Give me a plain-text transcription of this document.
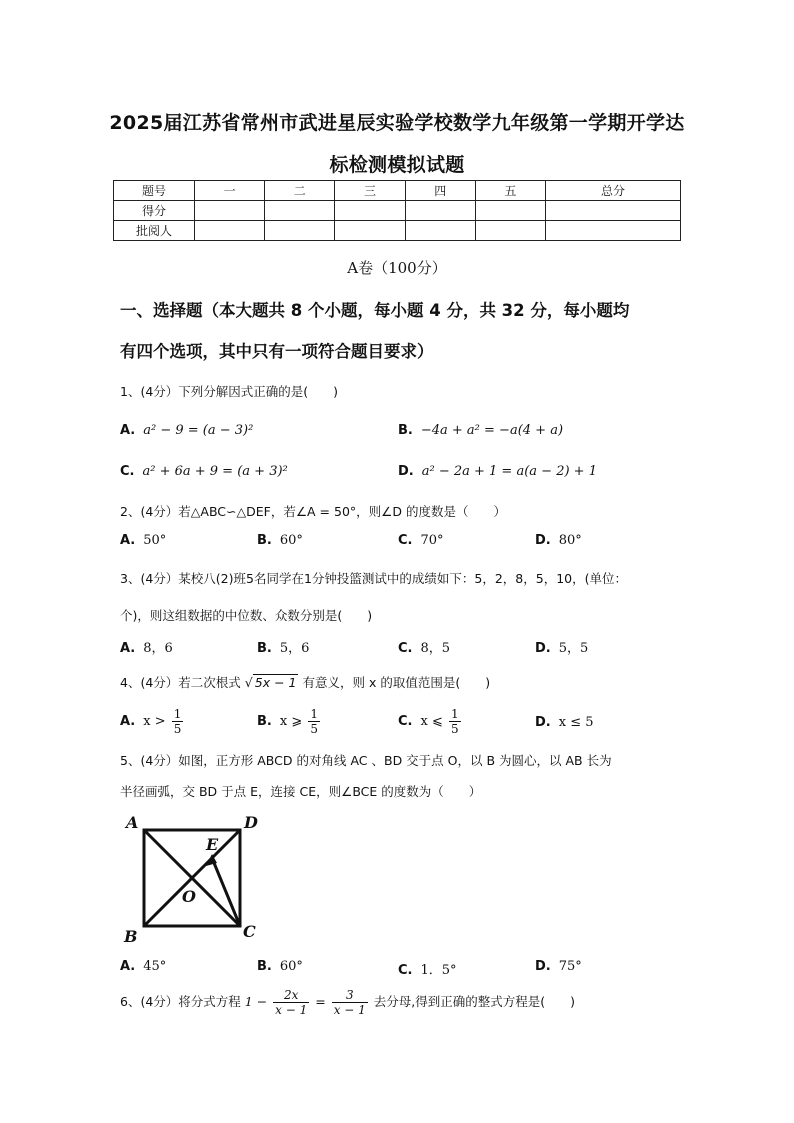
2025届江苏省常州市武进星辰实验学校数学九年级第一学期开学达
标检测模拟试题
题号	一	二	三	四	五	总分
得分						
批阅人						
A卷（100分）
一、选择题（本大题共 8 个小题，每小题 4 分，共 32 分，每小题均
有四个选项，其中只有一项符合题目要求）
1、(4分）下列分解因式正确的是(　　)
A. a² − 9 = (a − 3)²	B. −4a + a² = −a(4 + a)
C. a² + 6a + 9 = (a + 3)²	D. a² − 2a + 1 = a(a − 2) + 1
2、(4分）若△ABC∽△DEF，若∠A = 50°，则∠D 的度数是（　　）
A. 50°	B. 60°	C. 70°	D. 80°
3、(4分）某校八(2)班5名同学在1分钟投篮测试中的成绩如下：5，2，8，5，10，(单位：
个)，则这组数据的中位数、众数分别是(　　)
A. 8，6	B. 5，6	C. 8，5	D. 5，5
4、(4分）若二次根式 √ 5x − 1 有意义，则 x 的取值范围是(　　)
A. $x > \frac{1}{5}$	B. x ⩾ $\frac{1}{5}$	C. x ⩽ $\frac{1}{5}$	D. x ≤ 5
5、(4分）如图，正方形 ABCD 的对角线 AC 、BD 交于点 O，以 B 为圆心，以 AB 长为
半径画弧，交 BD 于点 E，连接 CE，则∠BCE 的度数为（　　）
A	D
B	C
E
O
A. 45°	B. 60°	C. 1．5°	D. 75°
6、(4分）将分式方程 $1 - \frac{2x}{x - 1} = \frac{3}{x - 1}$ 去分母,得到正确的整式方程是(　　)
